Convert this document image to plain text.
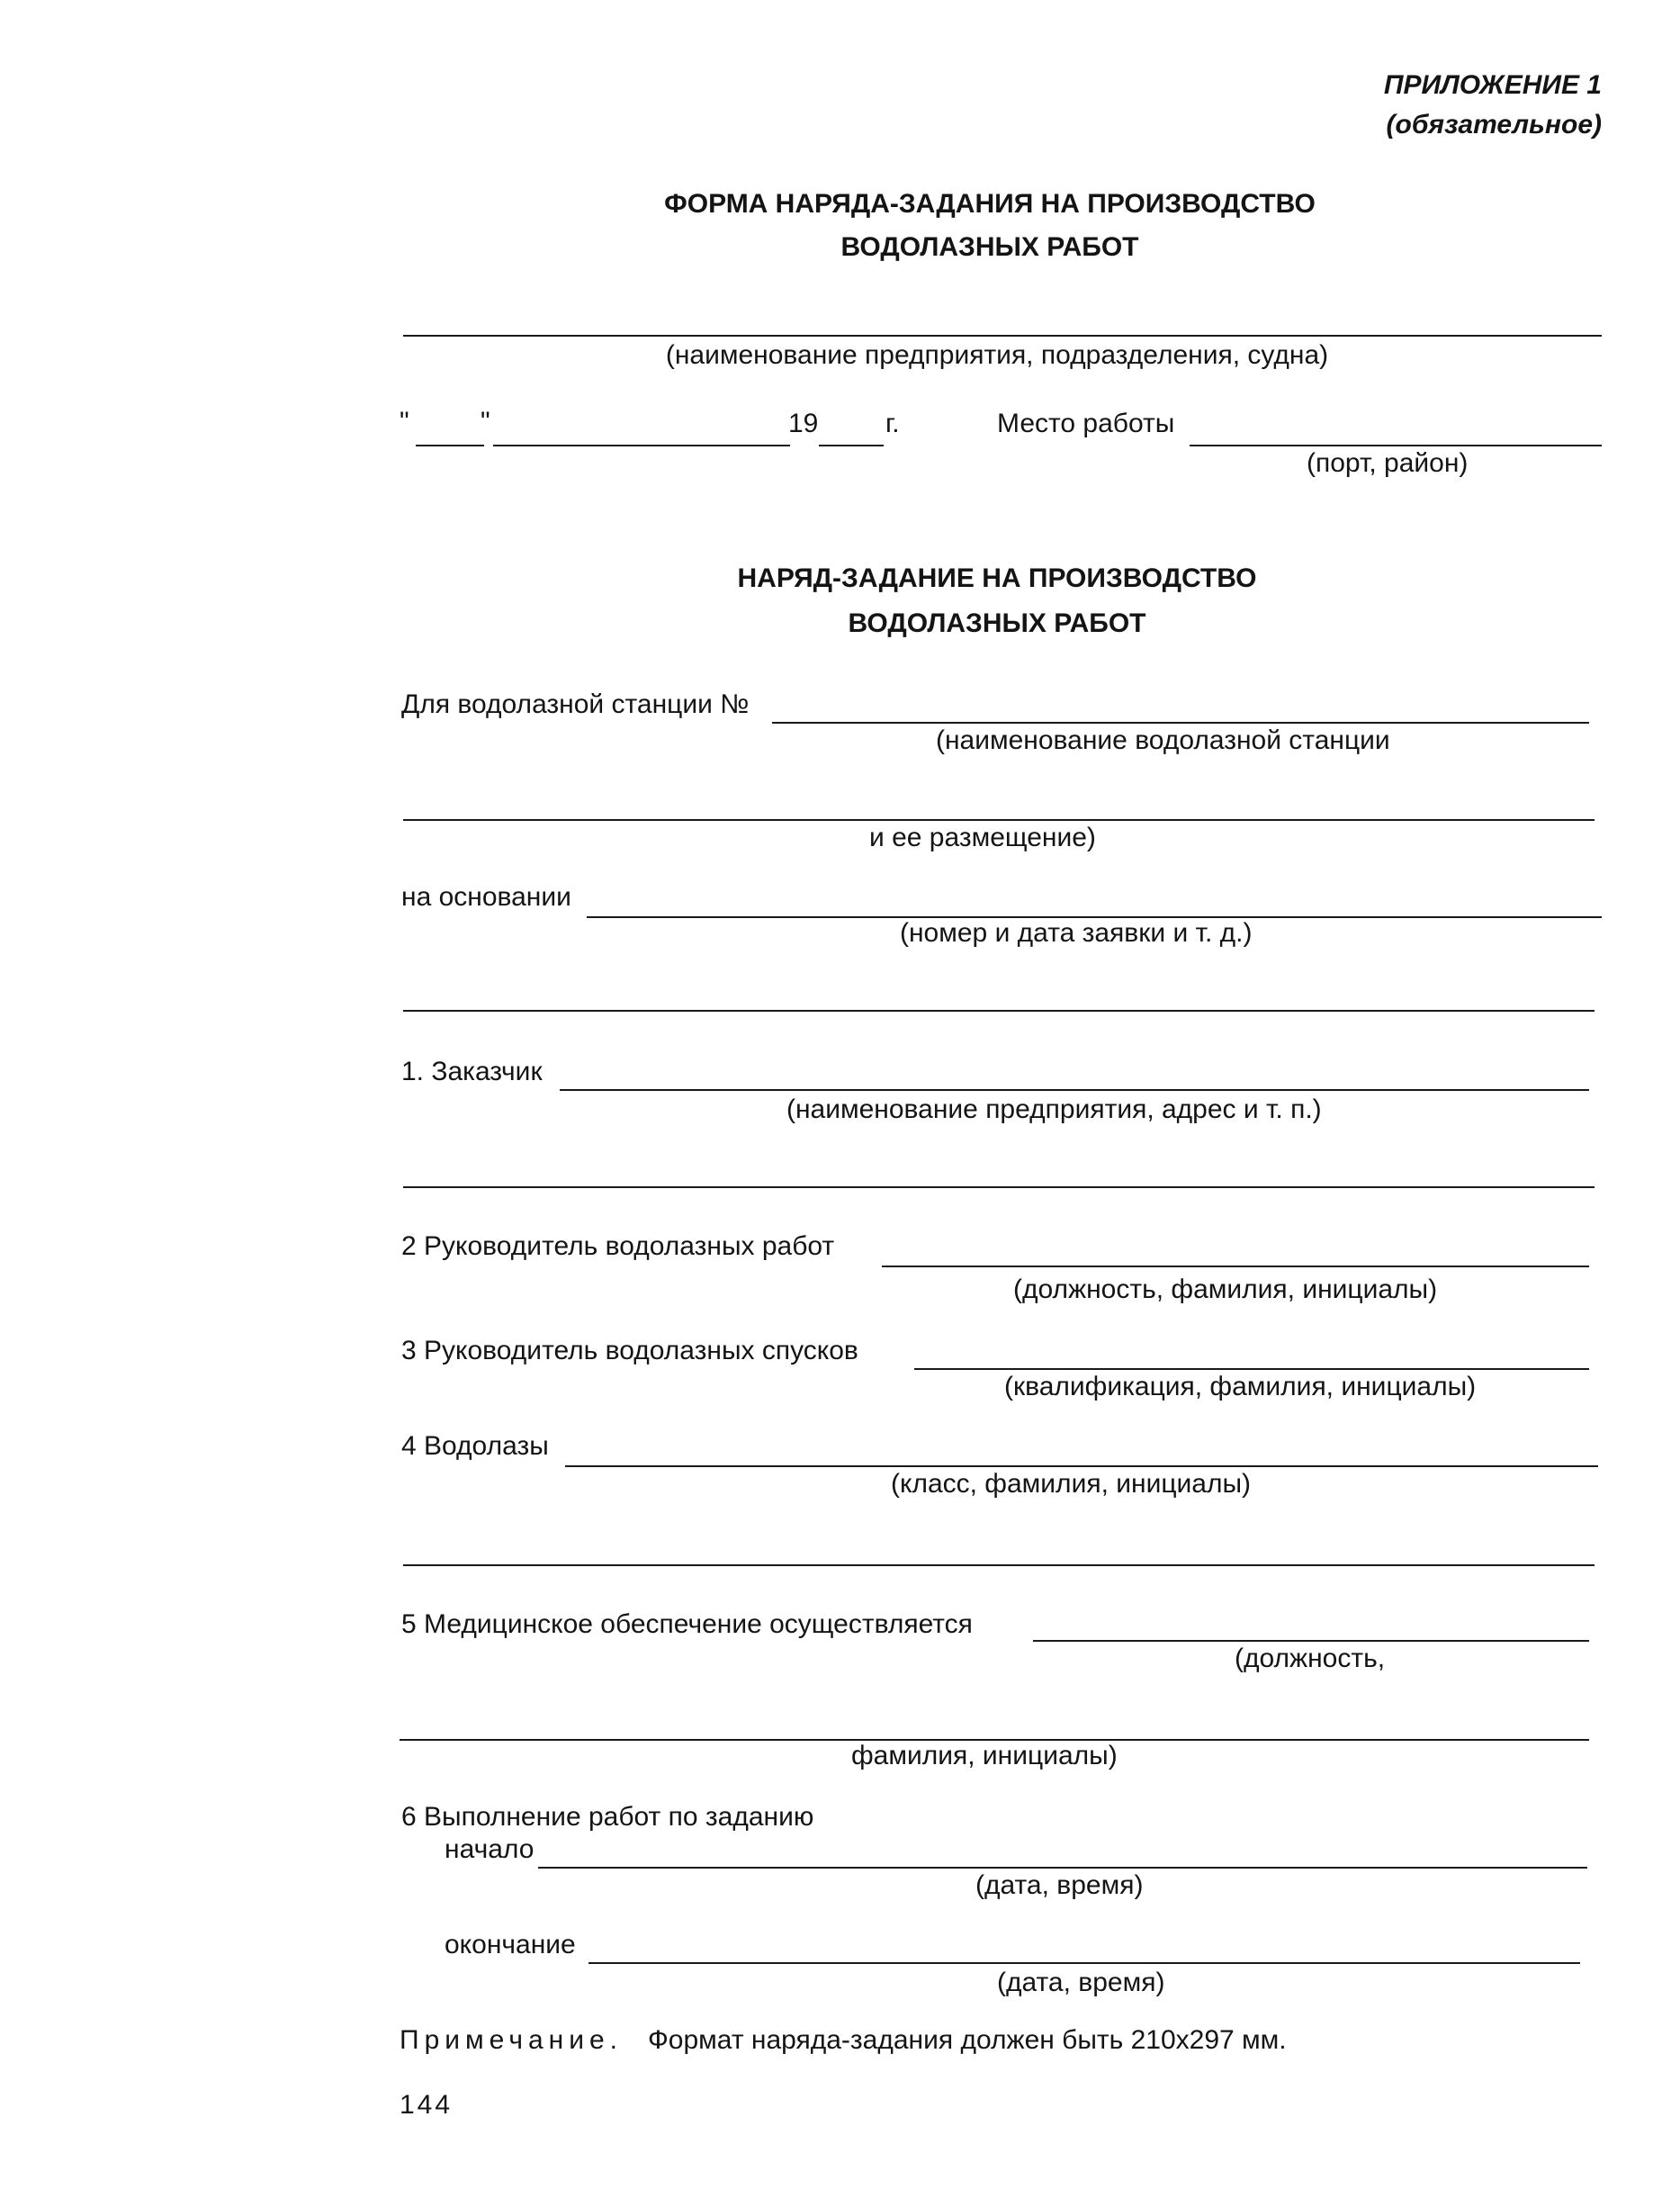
ПРИЛОЖЕНИЕ 1
(обязательное)
ФОРМА НАРЯДА-ЗАДАНИЯ НА ПРОИЗВОДСТВО
ВОДОЛАЗНЫХ РАБОТ
(наименование предприятия, подразделения, судна)
"	"	19 г.	Место работы
(порт, район)
НАРЯД-ЗАДАНИЕ НА ПРОИЗВОДСТВО
ВОДОЛАЗНЫХ РАБОТ
Для водолазной станции №
(наименование водолазной станции
и ее размещение)
на основании
(номер и дата заявки и т. д.)
1. Заказчик
(наименование предприятия, адрес и т. п.)
2 Руководитель водолазных работ
(должность, фамилия, инициалы)
3 Руководитель водолазных спусков
(квалификация, фамилия, инициалы)
4 Водолазы
(класс, фамилия, инициалы)
5 Медицинское обеспечение осуществляется
(должность,
фамилия, инициалы)
6 Выполнение работ по заданию
начало
(дата, время)
окончание
(дата, время)
Примечание. Формат наряда-задания должен быть 210x297 мм.
144
